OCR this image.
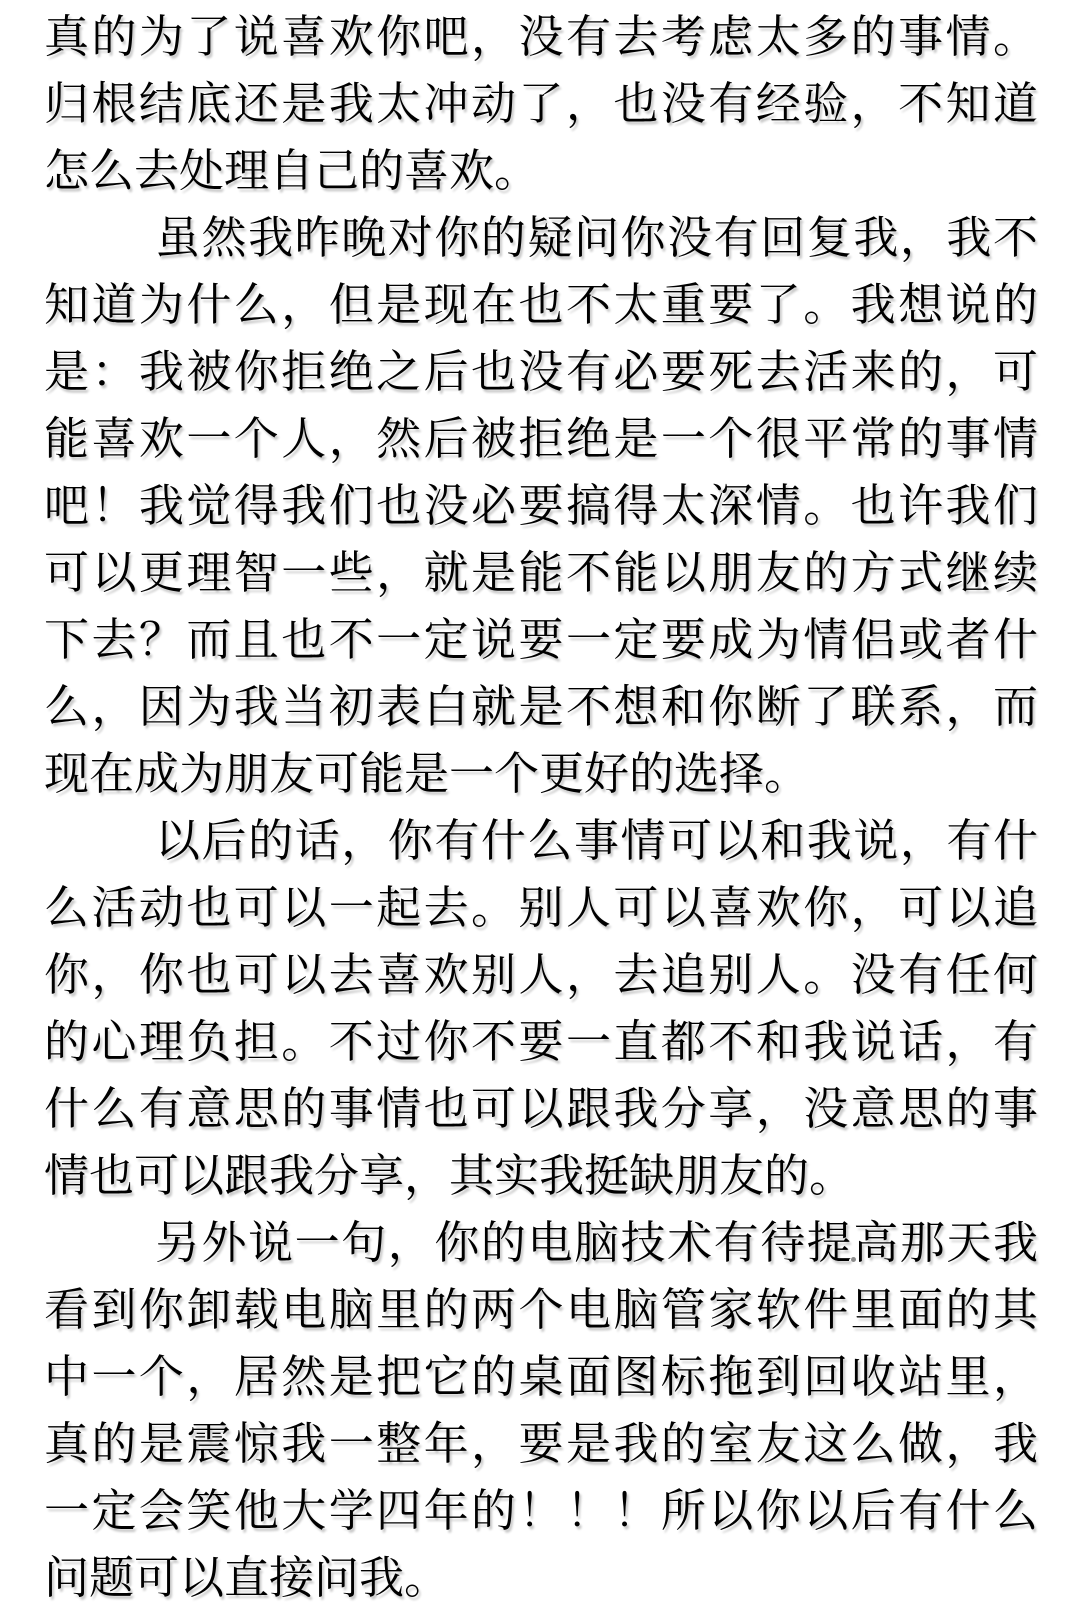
真的为了说喜欢你吧，没有去考虑太多的事情。
归根结底还是我太冲动了，也没有经验，不知道
怎么去处理自己的喜欢。
虽然我昨晚对你的疑问你没有回复我，我不
知道为什么，但是现在也不太重要了。我想说的
是：我被你拒绝之后也没有必要死去活来的，可
能喜欢一个人，然后被拒绝是一个很平常的事情
吧！我觉得我们也没必要搞得太深情。也许我们
可以更理智一些，就是能不能以朋友的方式继续
下去？而且也不一定说要一定要成为情侣或者什
么，因为我当初表白就是不想和你断了联系，而
现在成为朋友可能是一个更好的选择。
以后的话，你有什么事情可以和我说，有什
么活动也可以一起去。别人可以喜欢你，可以追
你，你也可以去喜欢别人，去追别人。没有任何
的心理负担。不过你不要一直都不和我说话，有
什么有意思的事情也可以跟我分享，没意思的事
情也可以跟我分享，其实我挺缺朋友的。
另外说一句，你的电脑技术有待提高那天我
看到你卸载电脑里的两个电脑管家软件里面的其
中一个，居然是把它的桌面图标拖到回收站里，
真的是震惊我一整年，要是我的室友这么做，我
一定会笑他大学四年的！！！所以你以后有什么
问题可以直接问我。
